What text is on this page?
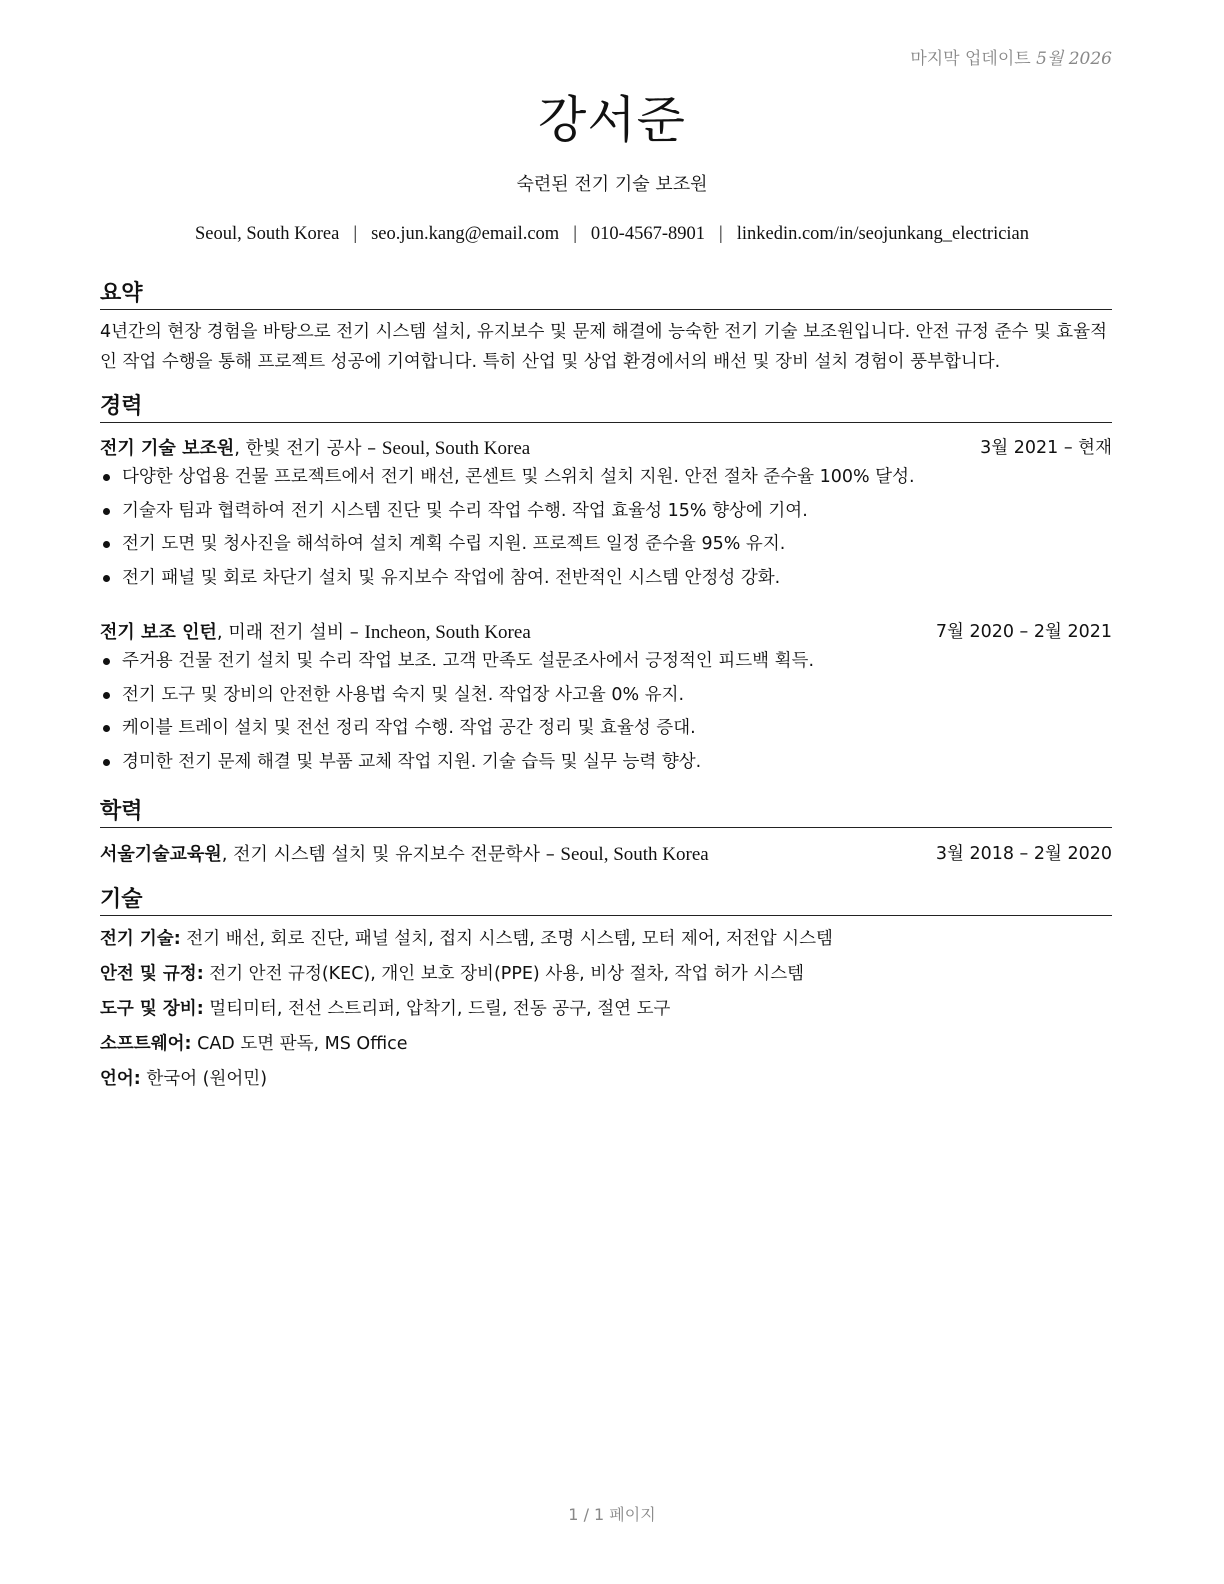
마지막 업데이트 5월 2026
강서준
숙련된 전기 기술 보조원
Seoul, South Korea | seo.jun.kang@email.com | 010-4567-8901 | linkedin.com/in/seojunkang_electrician
요약
4년간의 현장 경험을 바탕으로 전기 시스템 설치, 유지보수 및 문제 해결에 능숙한 전기 기술 보조원입니다. 안전 규정 준수 및 효율적인 작업 수행을 통해 프로젝트 성공에 기여합니다. 특히 산업 및 상업 환경에서의 배선 및 장비 설치 경험이 풍부합니다.
경력
전기 기술 보조원, 한빛 전기 공사 – Seoul, South Korea	3월 2021 – 현재
다양한 상업용 건물 프로젝트에서 전기 배선, 콘센트 및 스위치 설치 지원. 안전 절차 준수율 100% 달성.
기술자 팀과 협력하여 전기 시스템 진단 및 수리 작업 수행. 작업 효율성 15% 향상에 기여.
전기 도면 및 청사진을 해석하여 설치 계획 수립 지원. 프로젝트 일정 준수율 95% 유지.
전기 패널 및 회로 차단기 설치 및 유지보수 작업에 참여. 전반적인 시스템 안정성 강화.
전기 보조 인턴, 미래 전기 설비 – Incheon, South Korea	7월 2020 – 2월 2021
주거용 건물 전기 설치 및 수리 작업 보조. 고객 만족도 설문조사에서 긍정적인 피드백 획득.
전기 도구 및 장비의 안전한 사용법 숙지 및 실천. 작업장 사고율 0% 유지.
케이블 트레이 설치 및 전선 정리 작업 수행. 작업 공간 정리 및 효율성 증대.
경미한 전기 문제 해결 및 부품 교체 작업 지원. 기술 습득 및 실무 능력 향상.
학력
서울기술교육원, 전기 시스템 설치 및 유지보수 전문학사 – Seoul, South Korea	3월 2018 – 2월 2020
기술
전기 기술: 전기 배선, 회로 진단, 패널 설치, 접지 시스템, 조명 시스템, 모터 제어, 저전압 시스템
안전 및 규정: 전기 안전 규정(KEC), 개인 보호 장비(PPE) 사용, 비상 절차, 작업 허가 시스템
도구 및 장비: 멀티미터, 전선 스트리퍼, 압착기, 드릴, 전동 공구, 절연 도구
소프트웨어: CAD 도면 판독, MS Office
언어: 한국어 (원어민)
1 / 1 페이지
